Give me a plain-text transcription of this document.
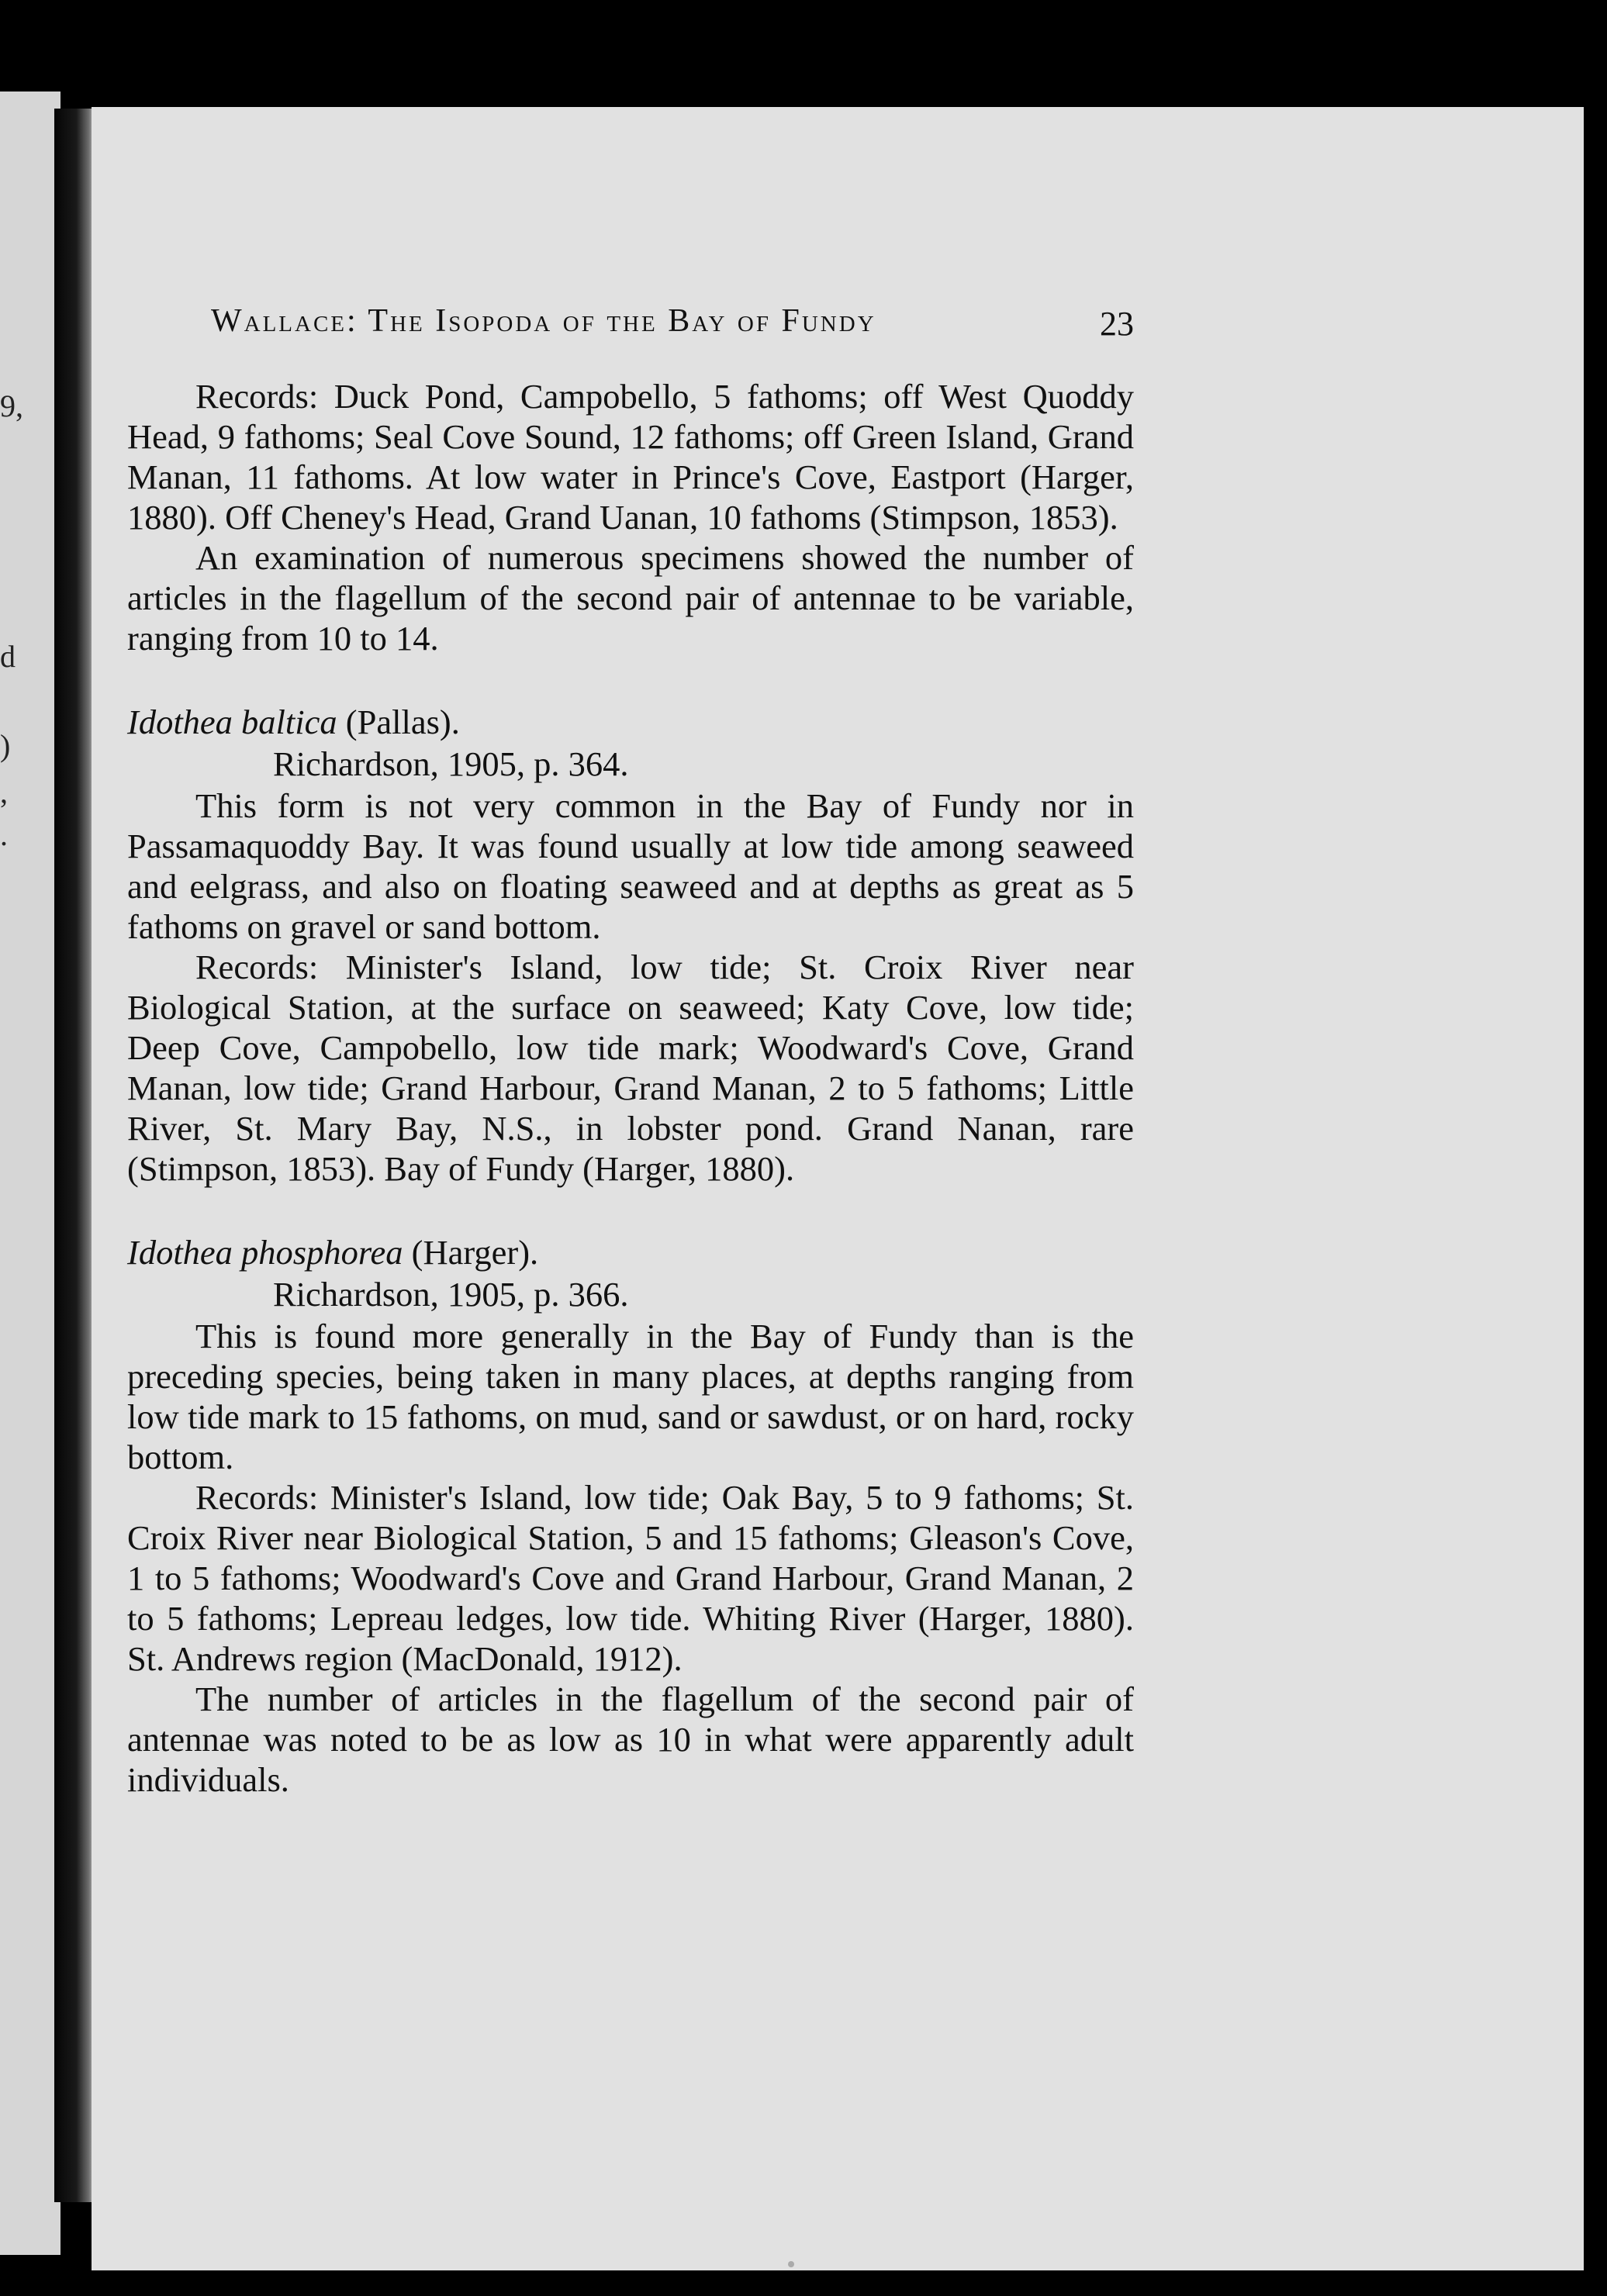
9,
d
)
,
.
Wallace: The Isopoda of the Bay of Fundy	23

Records: Duck Pond, Campobello, 5 fathoms; off West Quoddy Head, 9 fathoms; Seal Cove Sound, 12 fathoms; off Green Island, Grand Manan, 11 fathoms. At low water in Prince's Cove, Eastport (Harger, 1880). Off Cheney's Head, Grand Uanan, 10 fathoms (Stimpson, 1853).

An examination of numerous specimens showed the number of articles in the flagellum of the second pair of antennae to be variable, ranging from 10 to 14.

Idothea baltica (Pallas).

Richardson, 1905, p. 364.

This form is not very common in the Bay of Fundy nor in Passamaquoddy Bay. It was found usually at low tide among seaweed and eelgrass, and also on floating seaweed and at depths as great as 5 fathoms on gravel or sand bottom.

Records: Minister's Island, low tide; St. Croix River near Biological Station, at the surface on seaweed; Katy Cove, low tide; Deep Cove, Campobello, low tide mark; Woodward's Cove, Grand Manan, low tide; Grand Harbour, Grand Manan, 2 to 5 fathoms; Little River, St. Mary Bay, N.S., in lobster pond. Grand Nanan, rare (Stimpson, 1853). Bay of Fundy (Harger, 1880).

Idothea phosphorea (Harger).

Richardson, 1905, p. 366.

This is found more generally in the Bay of Fundy than is the preceding species, being taken in many places, at depths ranging from low tide mark to 15 fathoms, on mud, sand or sawdust, or on hard, rocky bottom.

Records: Minister's Island, low tide; Oak Bay, 5 to 9 fathoms; St. Croix River near Biological Station, 5 and 15 fathoms; Gleason's Cove, 1 to 5 fathoms; Woodward's Cove and Grand Harbour, Grand Manan, 2 to 5 fathoms; Lepreau ledges, low tide. Whiting River (Harger, 1880). St. Andrews region (MacDonald, 1912).

The number of articles in the flagellum of the second pair of antennae was noted to be as low as 10 in what were apparently adult individuals.
